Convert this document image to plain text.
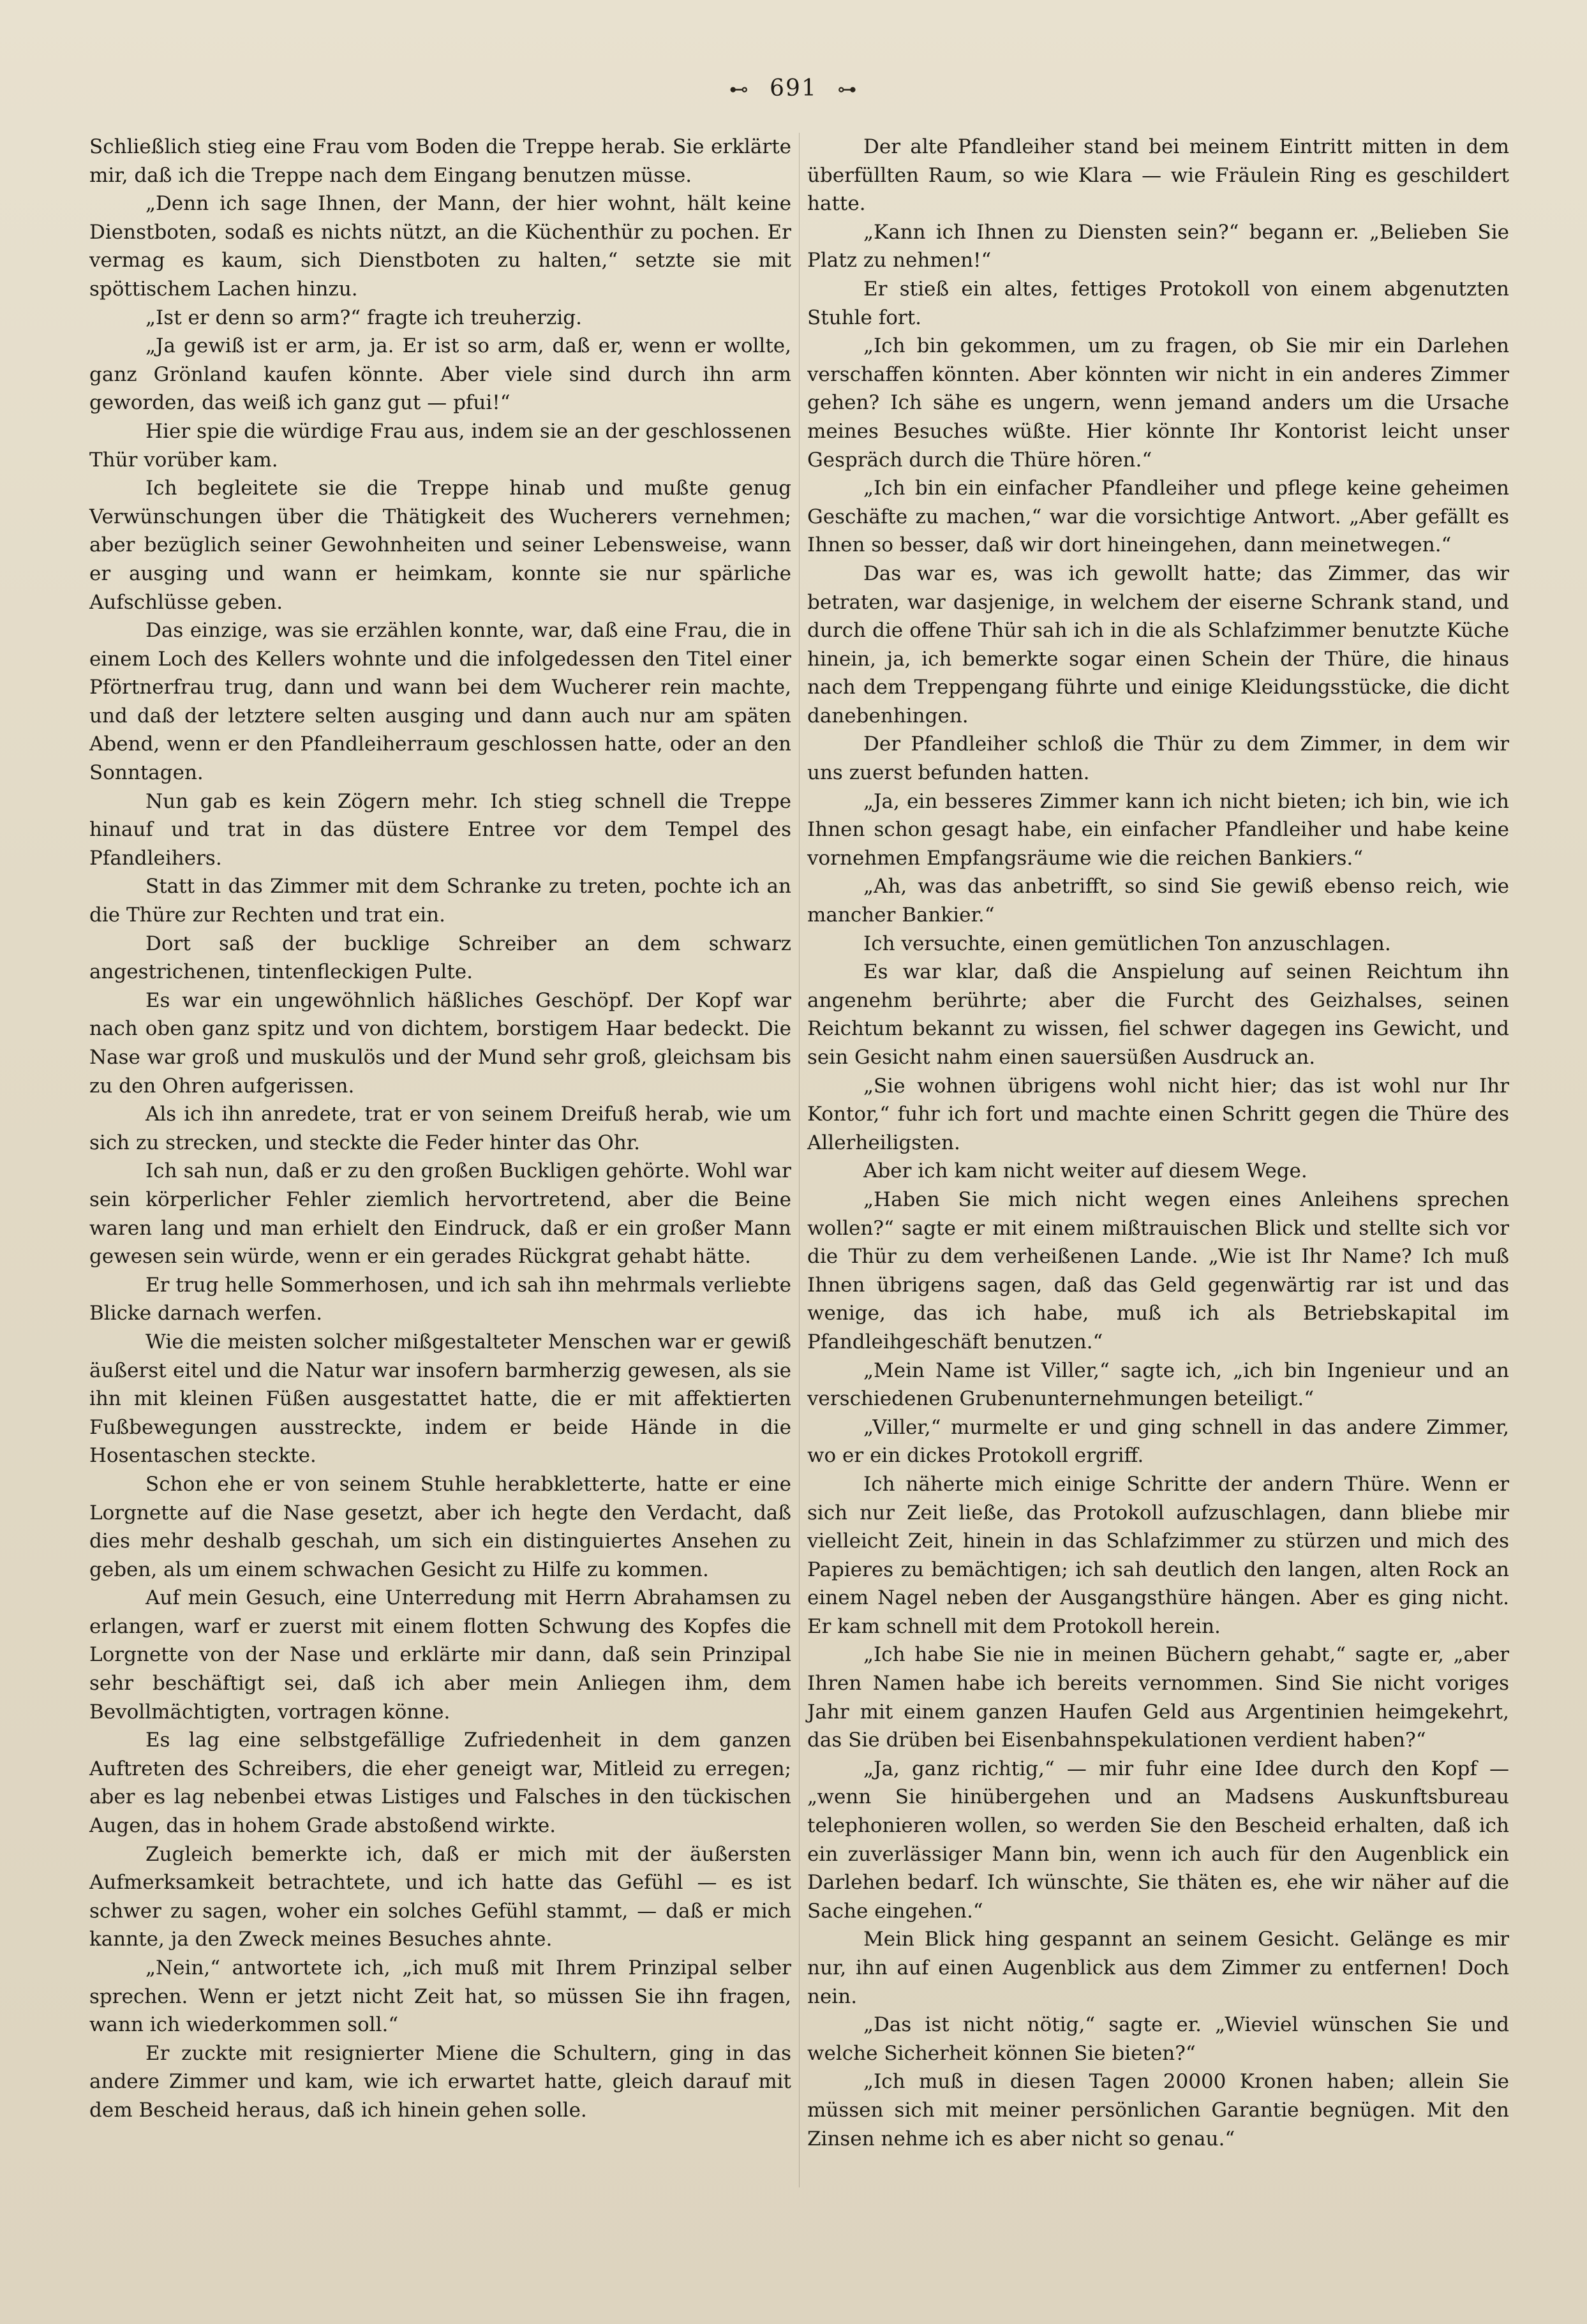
⊷ 691 ⊶

Schließlich stieg eine Frau vom Boden die Treppe herab. Sie erklärte mir, daß ich die Treppe nach dem Eingang benutzen müsse.

„Denn ich sage Ihnen, der Mann, der hier wohnt, hält keine Dienstboten, sodaß es nichts nützt, an die Küchenthür zu pochen. Er vermag es kaum, sich Dienstboten zu halten,“ setzte sie mit spöttischem Lachen hinzu.

„Ist er denn so arm?“ fragte ich treuherzig.

„Ja gewiß ist er arm, ja. Er ist so arm, daß er, wenn er wollte, ganz Grönland kaufen könnte. Aber viele sind durch ihn arm geworden, das weiß ich ganz gut — pfui!“

Hier spie die würdige Frau aus, indem sie an der geschlossenen Thür vorüber kam.

Ich begleitete sie die Treppe hinab und mußte genug Verwünschungen über die Thätigkeit des Wucherers vernehmen; aber bezüglich seiner Gewohnheiten und seiner Lebensweise, wann er ausging und wann er heimkam, konnte sie nur spärliche Aufschlüsse geben.

Das einzige, was sie erzählen konnte, war, daß eine Frau, die in einem Loch des Kellers wohnte und die infolgedessen den Titel einer Pförtnerfrau trug, dann und wann bei dem Wucherer rein machte, und daß der letztere selten ausging und dann auch nur am späten Abend, wenn er den Pfandleiherraum geschlossen hatte, oder an den Sonntagen.

Nun gab es kein Zögern mehr. Ich stieg schnell die Treppe hinauf und trat in das düstere Entree vor dem Tempel des Pfandleihers.

Statt in das Zimmer mit dem Schranke zu treten, pochte ich an die Thüre zur Rechten und trat ein.

Dort saß der bucklige Schreiber an dem schwarz angestrichenen, tintenfleckigen Pulte.

Es war ein ungewöhnlich häßliches Geschöpf. Der Kopf war nach oben ganz spitz und von dichtem, borstigem Haar bedeckt. Die Nase war groß und muskulös und der Mund sehr groß, gleichsam bis zu den Ohren aufgerissen.

Als ich ihn anredete, trat er von seinem Dreifuß herab, wie um sich zu strecken, und steckte die Feder hinter das Ohr.

Ich sah nun, daß er zu den großen Buckligen gehörte. Wohl war sein körperlicher Fehler ziemlich hervortretend, aber die Beine waren lang und man erhielt den Eindruck, daß er ein großer Mann gewesen sein würde, wenn er ein gerades Rückgrat gehabt hätte.

Er trug helle Sommerhosen, und ich sah ihn mehrmals verliebte Blicke darnach werfen.

Wie die meisten solcher mißgestalteter Menschen war er gewiß äußerst eitel und die Natur war insofern barmherzig gewesen, als sie ihn mit kleinen Füßen ausgestattet hatte, die er mit affektierten Fußbewegungen ausstreckte, indem er beide Hände in die Hosentaschen steckte.

Schon ehe er von seinem Stuhle herabkletterte, hatte er eine Lorgnette auf die Nase gesetzt, aber ich hegte den Verdacht, daß dies mehr deshalb geschah, um sich ein distinguiertes Ansehen zu geben, als um einem schwachen Gesicht zu Hilfe zu kommen.

Auf mein Gesuch, eine Unterredung mit Herrn Abrahamsen zu erlangen, warf er zuerst mit einem flotten Schwung des Kopfes die Lorgnette von der Nase und erklärte mir dann, daß sein Prinzipal sehr beschäftigt sei, daß ich aber mein Anliegen ihm, dem Bevollmächtigten, vortragen könne.

Es lag eine selbstgefällige Zufriedenheit in dem ganzen Auftreten des Schreibers, die eher geneigt war, Mitleid zu erregen; aber es lag nebenbei etwas Listiges und Falsches in den tückischen Augen, das in hohem Grade abstoßend wirkte.

Zugleich bemerkte ich, daß er mich mit der äußersten Aufmerksamkeit betrachtete, und ich hatte das Gefühl — es ist schwer zu sagen, woher ein solches Gefühl stammt, — daß er mich kannte, ja den Zweck meines Besuches ahnte.

„Nein,“ antwortete ich, „ich muß mit Ihrem Prinzipal selber sprechen. Wenn er jetzt nicht Zeit hat, so müssen Sie ihn fragen, wann ich wiederkommen soll.“

Er zuckte mit resignierter Miene die Schultern, ging in das andere Zimmer und kam, wie ich erwartet hatte, gleich darauf mit dem Bescheid heraus, daß ich hinein gehen solle.

Der alte Pfandleiher stand bei meinem Eintritt mitten in dem überfüllten Raum, so wie Klara — wie Fräulein Ring es geschildert hatte.

„Kann ich Ihnen zu Diensten sein?“ begann er. „Belieben Sie Platz zu nehmen!“

Er stieß ein altes, fettiges Protokoll von einem abgenutzten Stuhle fort.

„Ich bin gekommen, um zu fragen, ob Sie mir ein Darlehen verschaffen könnten. Aber könnten wir nicht in ein anderes Zimmer gehen? Ich sähe es ungern, wenn jemand anders um die Ursache meines Besuches wüßte. Hier könnte Ihr Kontorist leicht unser Gespräch durch die Thüre hören.“

„Ich bin ein einfacher Pfandleiher und pflege keine geheimen Geschäfte zu machen,“ war die vorsichtige Antwort. „Aber gefällt es Ihnen so besser, daß wir dort hineingehen, dann meinetwegen.“

Das war es, was ich gewollt hatte; das Zimmer, das wir betraten, war dasjenige, in welchem der eiserne Schrank stand, und durch die offene Thür sah ich in die als Schlafzimmer benutzte Küche hinein, ja, ich bemerkte sogar einen Schein der Thüre, die hinaus nach dem Treppengang führte und einige Kleidungsstücke, die dicht danebenhingen.

Der Pfandleiher schloß die Thür zu dem Zimmer, in dem wir uns zuerst befunden hatten.

„Ja, ein besseres Zimmer kann ich nicht bieten; ich bin, wie ich Ihnen schon gesagt habe, ein einfacher Pfandleiher und habe keine vornehmen Empfangsräume wie die reichen Bankiers.“

„Ah, was das anbetrifft, so sind Sie gewiß ebenso reich, wie mancher Bankier.“

Ich versuchte, einen gemütlichen Ton anzuschlagen.

Es war klar, daß die Anspielung auf seinen Reichtum ihn angenehm berührte; aber die Furcht des Geizhalses, seinen Reichtum bekannt zu wissen, fiel schwer dagegen ins Gewicht, und sein Gesicht nahm einen sauersüßen Ausdruck an.

„Sie wohnen übrigens wohl nicht hier; das ist wohl nur Ihr Kontor,“ fuhr ich fort und machte einen Schritt gegen die Thüre des Allerheiligsten.

Aber ich kam nicht weiter auf diesem Wege.

„Haben Sie mich nicht wegen eines Anleihens sprechen wollen?“ sagte er mit einem mißtrauischen Blick und stellte sich vor die Thür zu dem verheißenen Lande. „Wie ist Ihr Name? Ich muß Ihnen übrigens sagen, daß das Geld gegenwärtig rar ist und das wenige, das ich habe, muß ich als Betriebskapital im Pfandleihgeschäft benutzen.“

„Mein Name ist Viller,“ sagte ich, „ich bin Ingenieur und an verschiedenen Grubenunternehmungen beteiligt.“

„Viller,“ murmelte er und ging schnell in das andere Zimmer, wo er ein dickes Protokoll ergriff.

Ich näherte mich einige Schritte der andern Thüre. Wenn er sich nur Zeit ließe, das Protokoll aufzuschlagen, dann bliebe mir vielleicht Zeit, hinein in das Schlafzimmer zu stürzen und mich des Papieres zu bemächtigen; ich sah deutlich den langen, alten Rock an einem Nagel neben der Ausgangsthüre hängen. Aber es ging nicht. Er kam schnell mit dem Protokoll herein.

„Ich habe Sie nie in meinen Büchern gehabt,“ sagte er, „aber Ihren Namen habe ich bereits vernommen. Sind Sie nicht voriges Jahr mit einem ganzen Haufen Geld aus Argentinien heimgekehrt, das Sie drüben bei Eisenbahnspekulationen verdient haben?“

„Ja, ganz richtig,“ — mir fuhr eine Idee durch den Kopf — „wenn Sie hinübergehen und an Madsens Auskunftsbureau telephonieren wollen, so werden Sie den Bescheid erhalten, daß ich ein zuverlässiger Mann bin, wenn ich auch für den Augenblick ein Darlehen bedarf. Ich wünschte, Sie thäten es, ehe wir näher auf die Sache eingehen.“

Mein Blick hing gespannt an seinem Gesicht. Gelänge es mir nur, ihn auf einen Augenblick aus dem Zimmer zu entfernen! Doch nein.

„Das ist nicht nötig,“ sagte er. „Wieviel wünschen Sie und welche Sicherheit können Sie bieten?“

„Ich muß in diesen Tagen 20000 Kronen haben; allein Sie müssen sich mit meiner persönlichen Garantie begnügen. Mit den Zinsen nehme ich es aber nicht so genau.“
